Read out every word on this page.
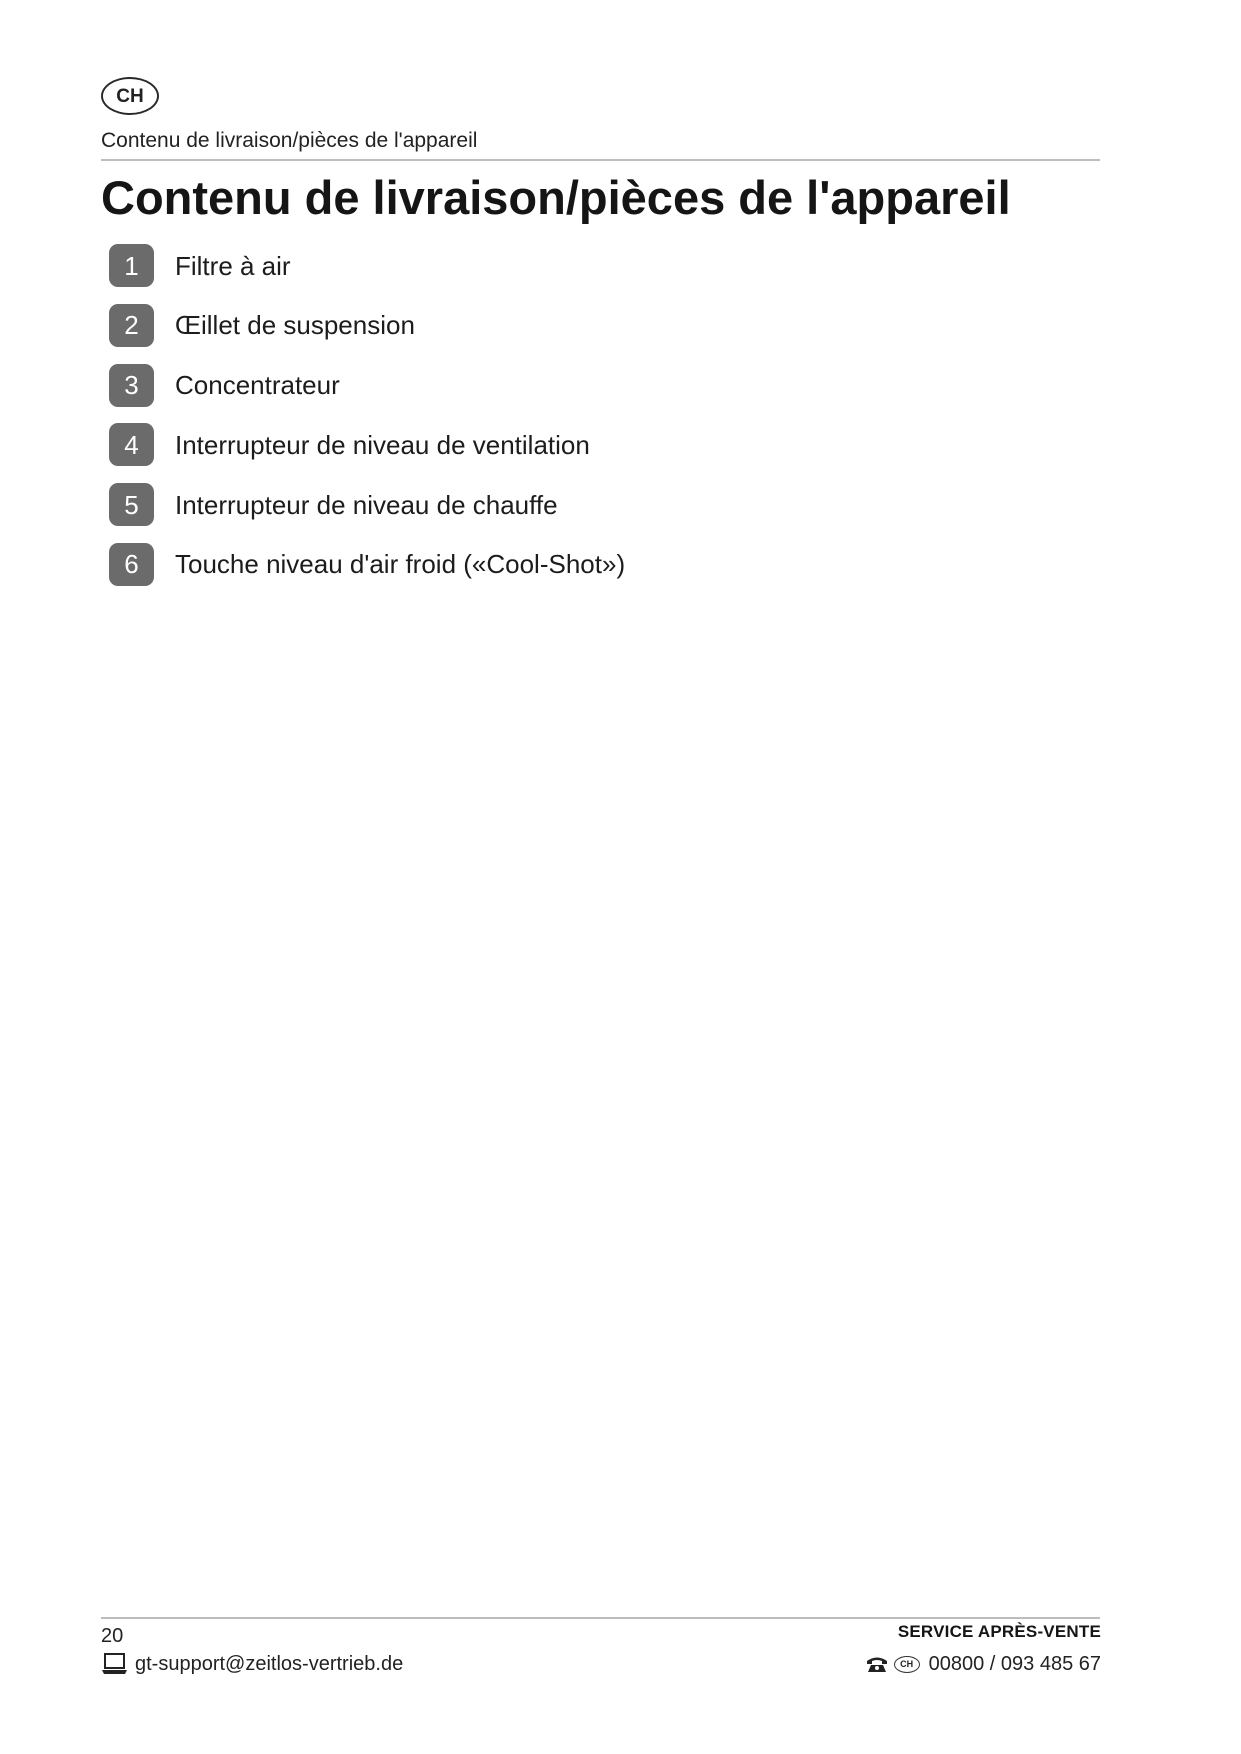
CH
Contenu de livraison/pièces de l'appareil
Contenu de livraison/pièces de l'appareil
1	Filtre à air
2	Œillet de suspension
3	Concentrateur
4	Interrupteur de niveau de ventilation
5	Interrupteur de niveau de chauffe
6	Touche niveau d'air froid («Cool-Shot»)
20
gt-support@zeitlos-vertrieb.de
SERVICE APRÈS-VENTE
CH 00800 / 093 485 67
